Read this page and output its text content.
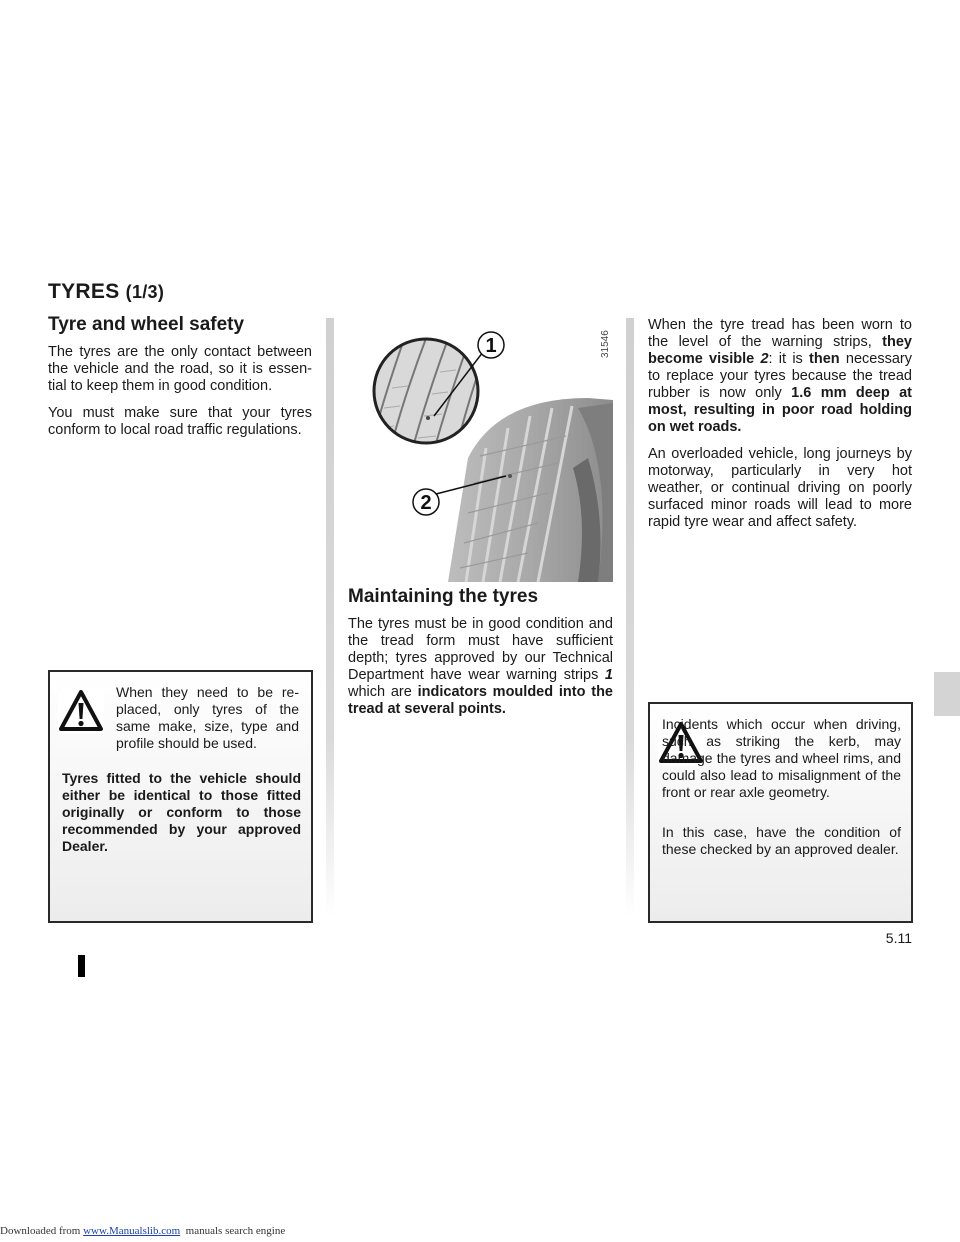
TYRES (1/3)
Tyre and wheel safety

The tyres are the only contact between the vehicle and the road, so it is essential to keep them in good condition.

You must make sure that your tyres conform to local road traffic regulations.

When they need to be replaced, only tyres of the same make, size, type and profile should be used.

Tyres fitted to the vehicle should either be identical to those fitted originally or conform to those recommended by your approved Dealer.

1
2
31546
Maintaining the tyres

The tyres must be in good condition and the tread form must have sufficient depth; tyres approved by our Technical Department have wear warning strips 1 which are indicators moulded into the tread at several points.

When the tyre tread has been worn to the level of the warning strips, they become visible 2: it is then necessary to replace your tyres because the tread rubber is now only 1.6 mm deep at most, resulting in poor road holding on wet roads.

An overloaded vehicle, long journeys by motorway, particularly in very hot weather, or continual driving on poorly surfaced minor roads will lead to more rapid tyre wear and affect safety.

Incidents which occur when driving, such as striking the kerb, may damage the tyres and wheel rims, and could also lead to misalignment of the front or rear axle geometry.

In this case, have the condition of these checked by an approved dealer.

5.11
Downloaded from www.Manualslib.com  manuals search engine
